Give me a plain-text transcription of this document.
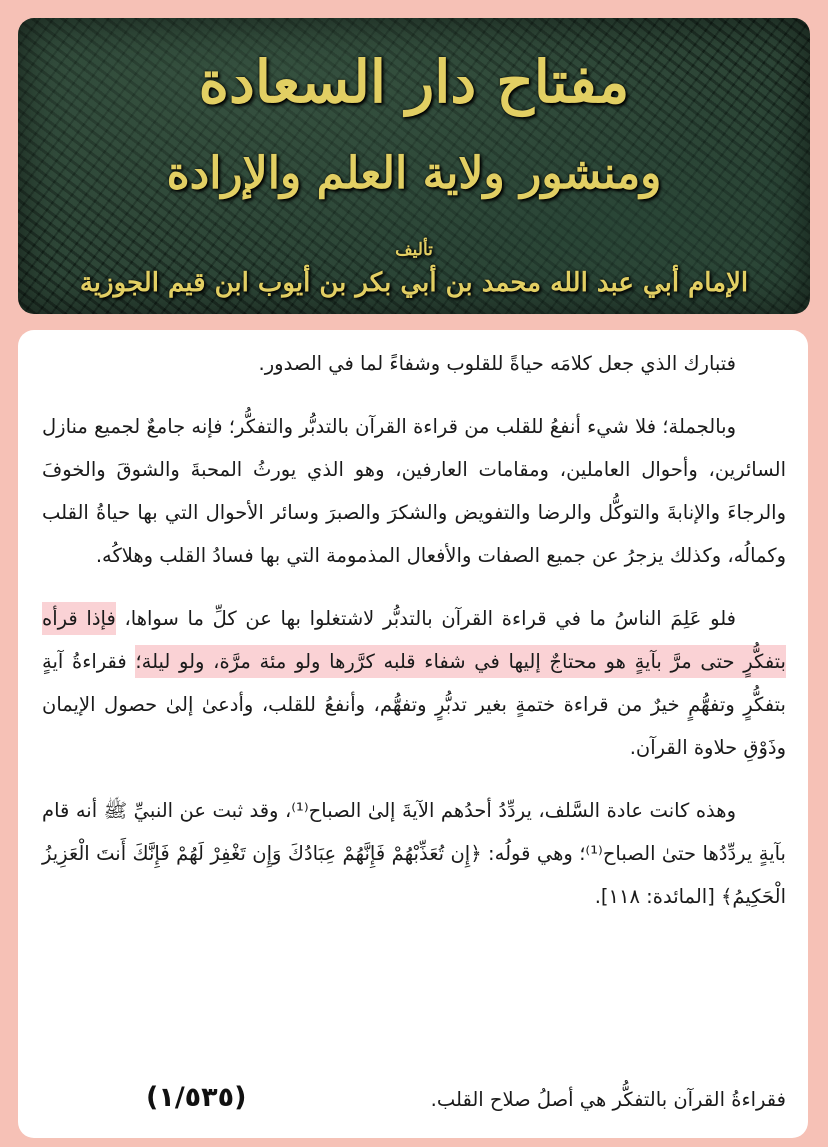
مفتاح دار السعادة
ومنشور ولاية العلم والإرادة
تأليف
الإمام أبي عبد الله محمد بن أبي بكر بن أيوب ابن قيم الجوزية

فتبارك الذي جعل كلامَه حياةً للقلوب وشفاءً لما في الصدور.

وبالجملة؛ فلا شيء أنفعُ للقلب من قراءة القرآن بالتدبُّر والتفكُّر؛ فإنه جامعٌ لجميع منازل السائرين، وأحوال العاملين، ومقامات العارفين، وهو الذي يورثُ المحبةَ والشوقَ والخوفَ والرجاءَ والإنابةَ والتوكُّل والرضا والتفويض والشكرَ والصبرَ وسائر الأحوال التي بها حياةُ القلب وكمالُه، وكذلك يزجرُ عن جميع الصفات والأفعال المذمومة التي بها فسادُ القلب وهلاكُه.

فلو عَلِمَ الناسُ ما في قراءة القرآن بالتدبُّر لاشتغلوا بها عن كلِّ ما سواها، فإذا قرأه بتفكُّرٍ حتى مرَّ بآيةٍ هو محتاجٌ إليها في شفاء قلبه كرَّرها ولو مئة مرَّة، ولو ليلة؛ فقراءةُ آيةٍ بتفكُّرٍ وتفهُّمٍ خيرٌ من قراءة ختمةٍ بغير تدبُّرٍ وتفهُّم، وأنفعُ للقلب، وأدعىٰ إلىٰ حصول الإيمان وذَوْقِ حلاوة القرآن.

وهذه كانت عادة السَّلف، يردِّدُ أحدُهم الآيةَ إلىٰ الصباح⁽¹⁾، وقد ثبت عن النبيِّ ﷺ أنه قام بآيةٍ يردِّدُها حتىٰ الصباح⁽¹⁾؛ وهي قولُه: ﴿إِن تُعَذِّبْهُمْ فَإِنَّهُمْ عِبَادُكَ وَإِن تَغْفِرْ لَهُمْ فَإِنَّكَ أَنتَ الْعَزِيزُ الْحَكِيمُ﴾ [المائدة: ١١٨].

فقراءةُ القرآن بالتفكُّر هي أصلُ صلاح القلب.
(١/٥٣٥)
